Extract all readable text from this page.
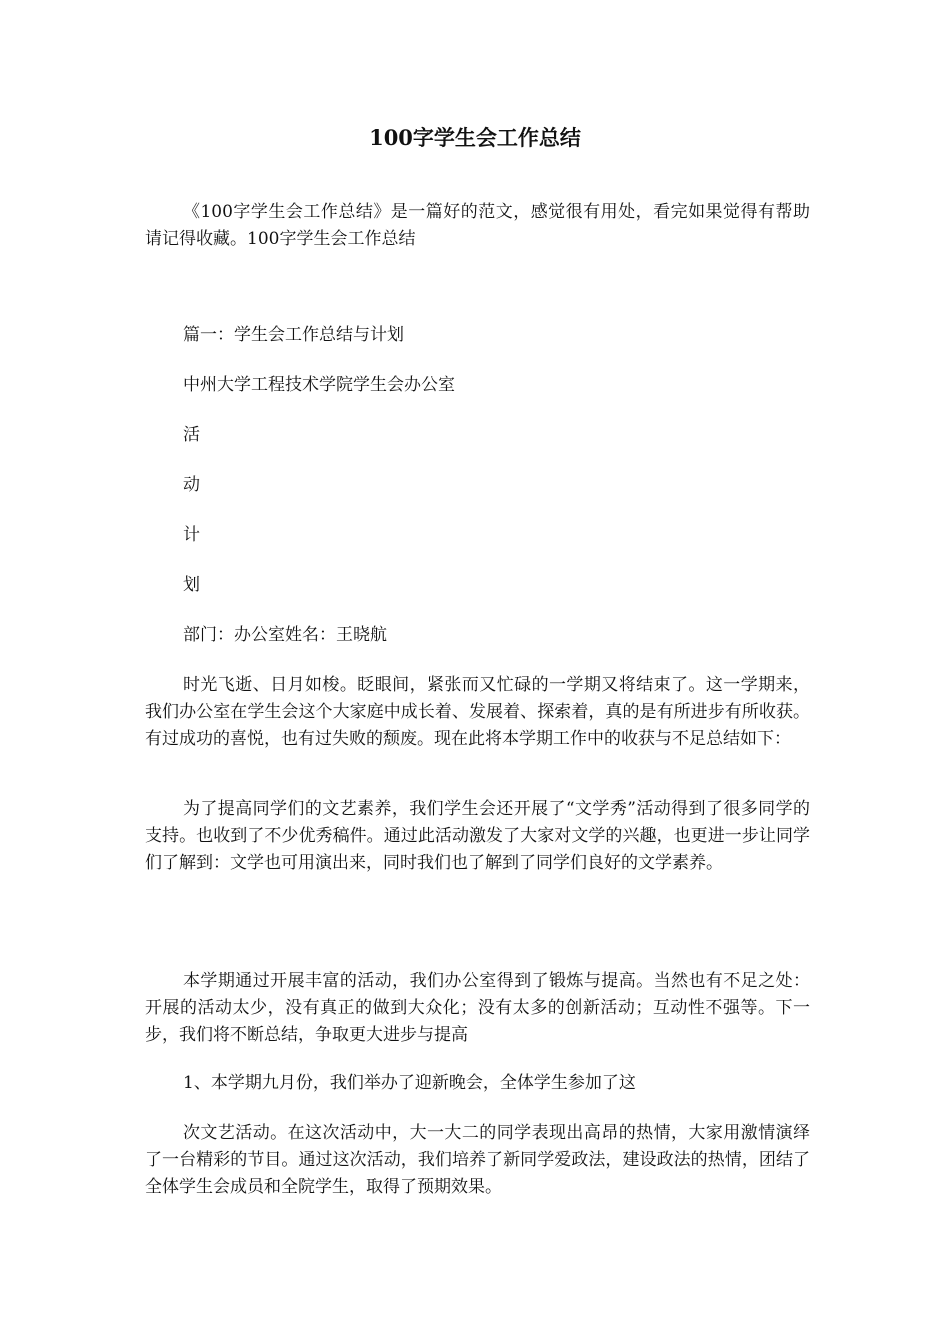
100字学生会工作总结

《100字学生会工作总结》是一篇好的范文，感觉很有用处，看完如果觉得有帮助请记得收藏。100字学生会工作总结

篇一：学生会工作总结与计划

中州大学工程技术学院学生会办公室

活

动

计

划

部门：办公室姓名：王晓航

时光飞逝、日月如梭。眨眼间，紧张而又忙碌的一学期又将结束了。这一学期来，我们办公室在学生会这个大家庭中成长着、发展着、探索着，真的是有所进步有所收获。有过成功的喜悦，也有过失败的颓废。现在此将本学期工作中的收获与不足总结如下：

为了提高同学们的文艺素养，我们学生会还开展了“文学秀”活动得到了很多同学的支持。也收到了不少优秀稿件。通过此活动激发了大家对文学的兴趣，也更进一步让同学们了解到：文学也可用演出来，同时我们也了解到了同学们良好的文学素养。

本学期通过开展丰富的活动，我们办公室得到了锻炼与提高。当然也有不足之处：开展的活动太少，没有真正的做到大众化；没有太多的创新活动；互动性不强等。下一步，我们将不断总结，争取更大进步与提高

1、本学期九月份，我们举办了迎新晚会，全体学生参加了这

次文艺活动。在这次活动中，大一大二的同学表现出高昂的热情，大家用激情演绎了一台精彩的节目。通过这次活动，我们培养了新同学爱政法，建设政法的热情，团结了全体学生会成员和全院学生，取得了预期效果。
